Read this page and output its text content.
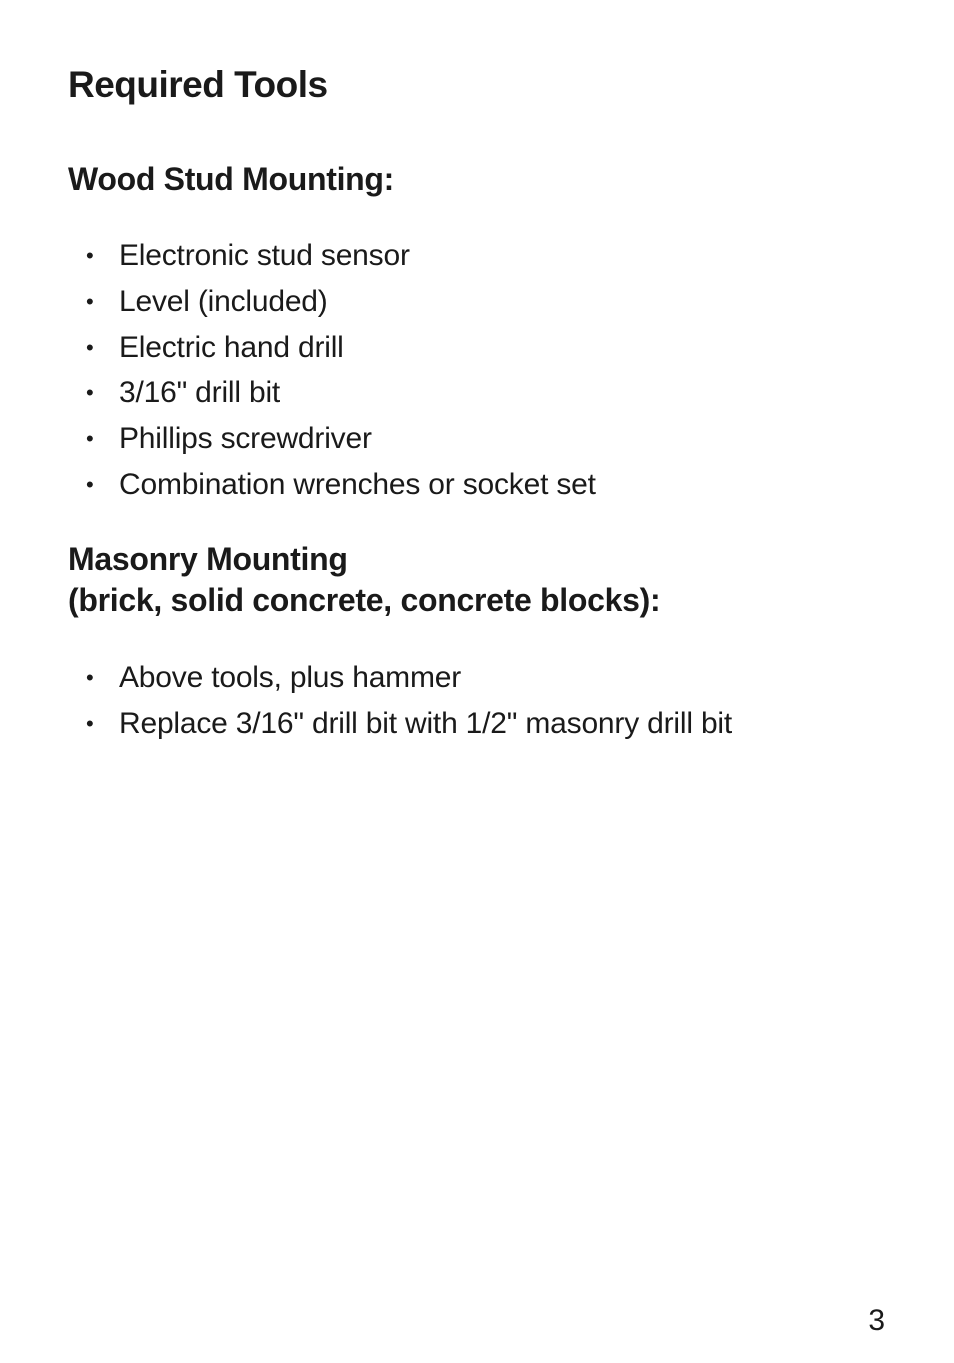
Required Tools
Wood Stud Mounting:
• Electronic stud sensor
• Level (included)
• Electric hand drill
• 3/16" drill bit
• Phillips screwdriver
• Combination wrenches or socket set
Masonry Mounting
(brick, solid concrete, concrete blocks):
• Above tools, plus hammer
• Replace 3/16" drill bit with 1/2" masonry drill bit
3
